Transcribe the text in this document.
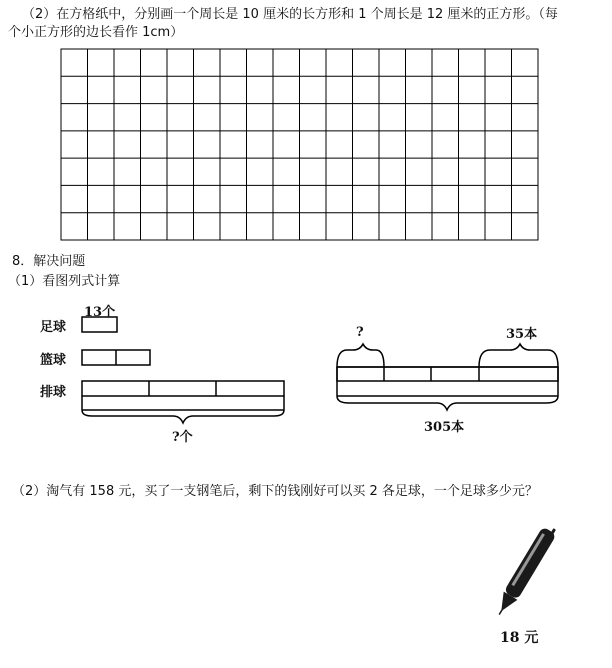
（2）在方格纸中，分别画一个周长是 10 厘米的长方形和 1 个周长是 12 厘米的正方形。（每
个小正方形的边长看作 1cm）
8．解决问题
（1）看图列式计算
足球
篮球
排球
13个
?个
?	35本
305本
（2）淘气有 158 元，买了一支钢笔后，剩下的钱刚好可以买 2 各足球，一个足球多少元？
18 元
